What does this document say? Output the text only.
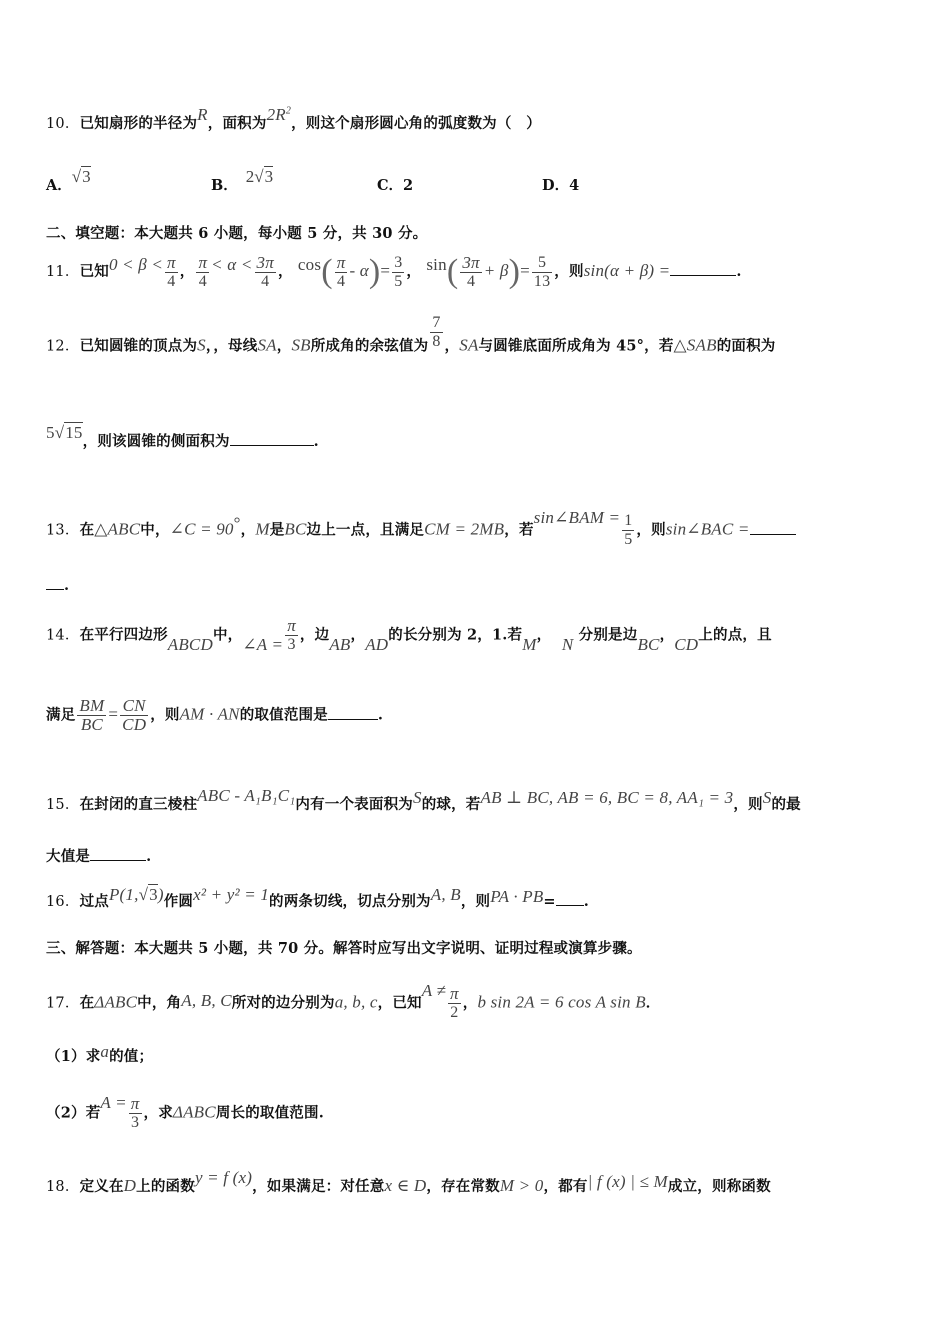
10．已知扇形的半径为R，面积为$2R^2$，则这个扇形圆心角的弧度数为（　）
A．√3	B． 2√3	C．2	D．4
二、填空题：本大题共 6 小题，每小题 5 分，共 30 分。
11．已知$0 < \beta < \frac{\pi}{4}$ ， $\frac{\pi}{4} < \alpha < \frac{3\pi}{4}$ ， $\cos( \frac{\pi}{4} - \alpha)= \frac{3}{5}$ ， $\sin( \frac{3\pi}{4} + \beta)= \frac{5}{13}$ ，则sin(α + β) =	.
12．已知圆锥的顶点为S，，母线SA，SB所成角的余弦值为 $\frac{7}{8}$ ，SA与圆锥底面所成角为 45°，若△SAB的面积为
5√15，则该圆锥的侧面积为	.
13．在△ABC中，∠C = 90°，M是BC边上一点，且满足CM = 2MB，若sin∠BAM = $\frac{1}{5}$ ，则sin∠BAC =
.
14．在平行四边形ABCD中，∠A = $\frac{\pi}{3}$ ，边AB，AD的长分别为 2，1.若M，  N 分别是边BC，CD上的点，且
满足 $\frac{BM}{BC} = \frac{CN}{CD}$ ，则AM · AN的取值范围是	.
15．在封闭的直三棱柱ABC - A₁B₁C₁内有一个表面积为S的球，若AB ⊥ BC, AB = 6, BC = 8, AA₁ = 3，则S的最
大值是	.
16．过点P(1,√3)作圆x² + y² = 1的两条切线，切点分别为A, B，则PA · PB= .
三、解答题：本大题共 5 小题，共 70 分。解答时应写出文字说明、证明过程或演算步骤。
17．在ΔABC中，角A, B, C所对的边分别为a, b, c，已知$A \ne \frac{\pi}{2}$ ，b sin 2A = 6 cos A sin B．
（1）求a的值；
（2）若$A = \frac{\pi}{3}$ ，求ΔABC周长的取值范围.
18．定义在D上的函数y = f (x)，如果满足：对任意x ∈ D，存在常数M > 0，都有| f (x) | ≤ M成立，则称函数
